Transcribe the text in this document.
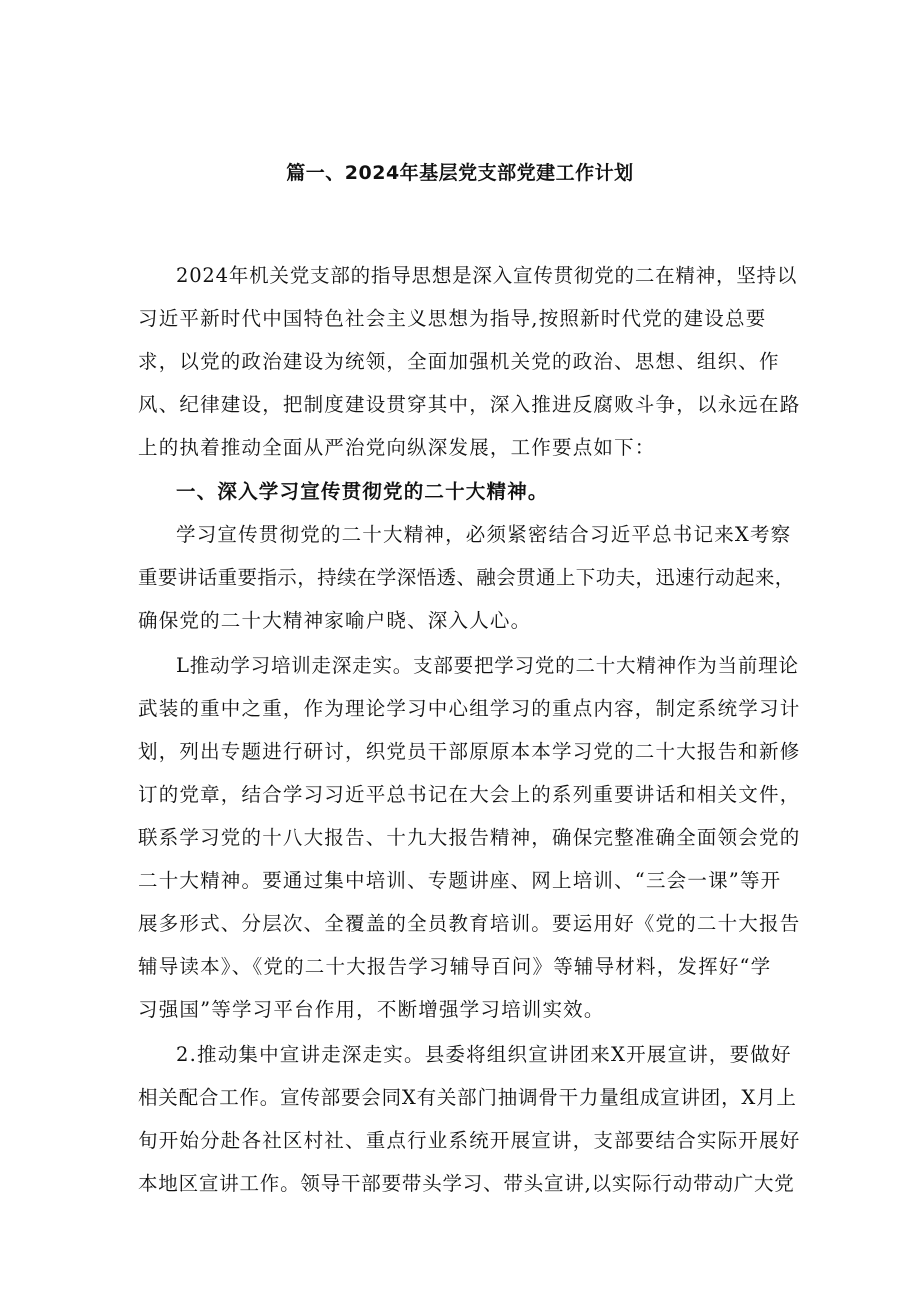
篇一、2024年基层党支部党建工作计划
2024年机关党支部的指导思想是深入宣传贯彻党的二在精神，坚持以
习近平新时代中国特色社会主义思想为指导,按照新时代党的建设总要
求，以党的政治建设为统领，全面加强机关党的政治、思想、组织、作
风、纪律建设，把制度建设贯穿其中，深入推进反腐败斗争，以永远在路
上的执着推动全面从严治党向纵深发展，工作要点如下：
一、深入学习宣传贯彻党的二十大精神。
学习宣传贯彻党的二十大精神，必须紧密结合习近平总书记来X考察
重要讲话重要指示，持续在学深悟透、融会贯通上下功夫，迅速行动起来，
确保党的二十大精神家喻户晓、深入人心。
L推动学习培训走深走实。支部要把学习党的二十大精神作为当前理论
武装的重中之重，作为理论学习中心组学习的重点内容，制定系统学习计
划，列出专题进行研讨，织党员干部原原本本学习党的二十大报告和新修
订的党章，结合学习习近平总书记在大会上的系列重要讲话和相关文件，
联系学习党的十八大报告、十九大报告精神，确保完整准确全面领会党的
二十大精神。要通过集中培训、专题讲座、网上培训、“三会一课”等开
展多形式、分层次、全覆盖的全员教育培训。要运用好《党的二十大报告
辅导读本》、《党的二十大报告学习辅导百问》等辅导材料，发挥好“学
习强国”等学习平台作用，不断增强学习培训实效。
2.推动集中宣讲走深走实。县委将组织宣讲团来X开展宣讲，要做好
相关配合工作。宣传部要会同X有关部门抽调骨干力量组成宣讲团，X月上
旬开始分赴各社区村社、重点行业系统开展宣讲，支部要结合实际开展好
本地区宣讲工作。领导干部要带头学习、带头宣讲,以实际行动带动广大党
